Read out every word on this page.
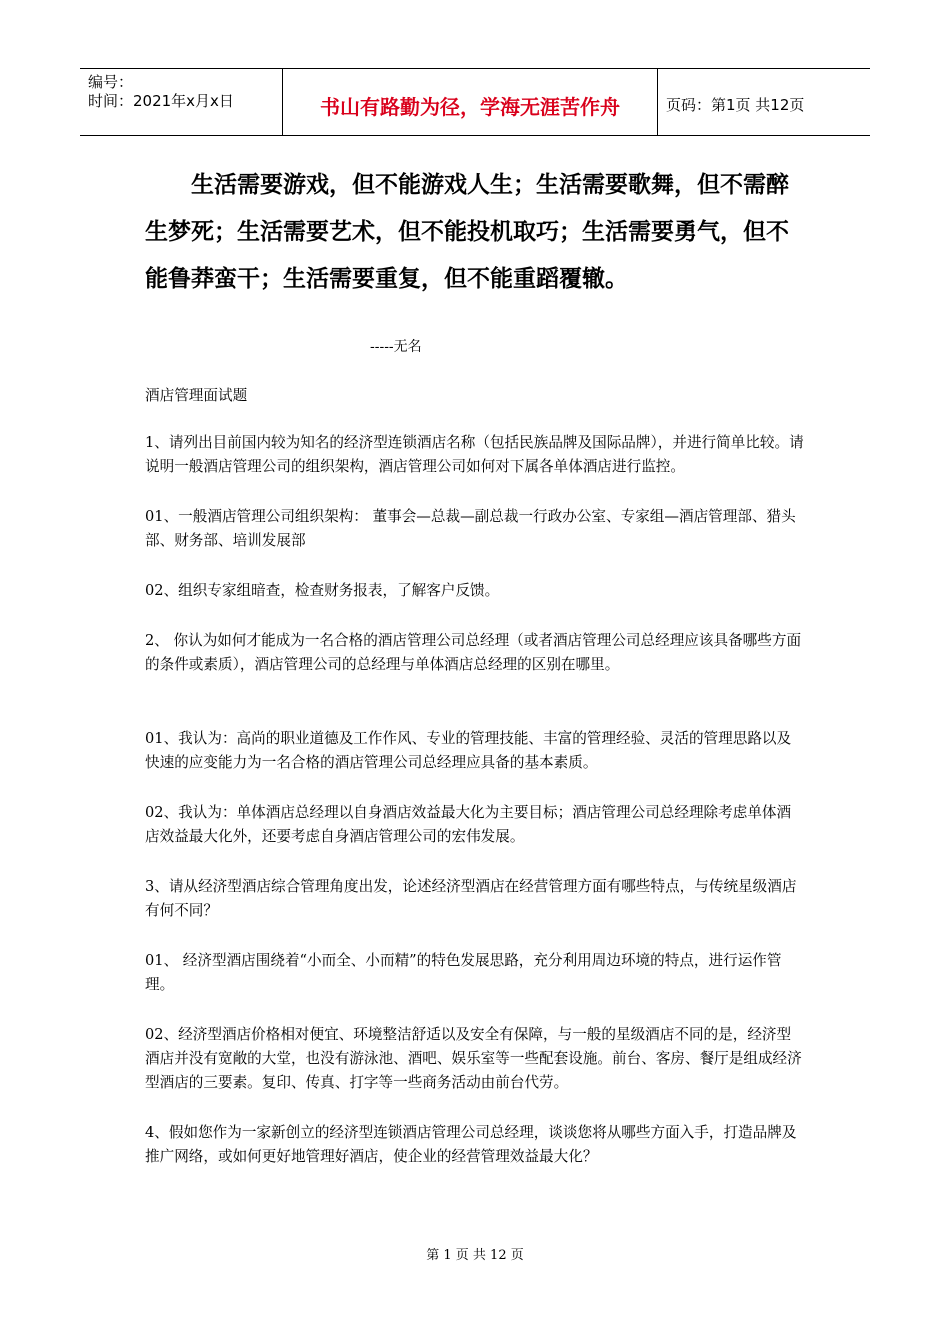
编号：
时间：2021年x月x日	书山有路勤为径，学海无涯苦作舟	页码：第1页 共12页
生活需要游戏，但不能游戏人生；生活需要歌舞，但不需醉生梦死；生活需要艺术，但不能投机取巧；生活需要勇气，但不能鲁莽蛮干；生活需要重复，但不能重蹈覆辙。
-----无名

酒店管理面试题

1、请列出目前国内较为知名的经济型连锁酒店名称（包括民族品牌及国际品牌），并进行简单比较。请说明一般酒店管理公司的组织架构，酒店管理公司如何对下属各单体酒店进行监控。

01、一般酒店管理公司组织架构： 董事会—总裁—副总裁一行政办公室、专家组—酒店管理部、猎头部、财务部、培训发展部

02、组织专家组暗查，检查财务报表，了解客户反馈。

2、 你认为如何才能成为一名合格的酒店管理公司总经理（或者酒店管理公司总经理应该具备哪些方面的条件或素质），酒店管理公司的总经理与单体酒店总经理的区别在哪里。

01、我认为：高尚的职业道德及工作作风、专业的管理技能、丰富的管理经验、灵活的管理思路以及快速的应变能力为一名合格的酒店管理公司总经理应具备的基本素质。

02、我认为：单体酒店总经理以自身酒店效益最大化为主要目标；酒店管理公司总经理除考虑单体酒店效益最大化外，还要考虑自身酒店管理公司的宏伟发展。

3、请从经济型酒店综合管理角度出发，论述经济型酒店在经营管理方面有哪些特点，与传统星级酒店有何不同？

01、 经济型酒店围绕着“小而全、小而精”的特色发展思路，充分利用周边环境的特点，进行运作管理。

02、经济型酒店价格相对便宜、环境整洁舒适以及安全有保障，与一般的星级酒店不同的是，经济型酒店并没有宽敞的大堂，也没有游泳池、酒吧、娱乐室等一些配套设施。前台、客房、餐厅是组成经济型酒店的三要素。复印、传真、打字等一些商务活动由前台代劳。

4、假如您作为一家新创立的经济型连锁酒店管理公司总经理，谈谈您将从哪些方面入手，打造品牌及推广网络，或如何更好地管理好酒店，使企业的经营管理效益最大化？

第 1 页 共 12 页
